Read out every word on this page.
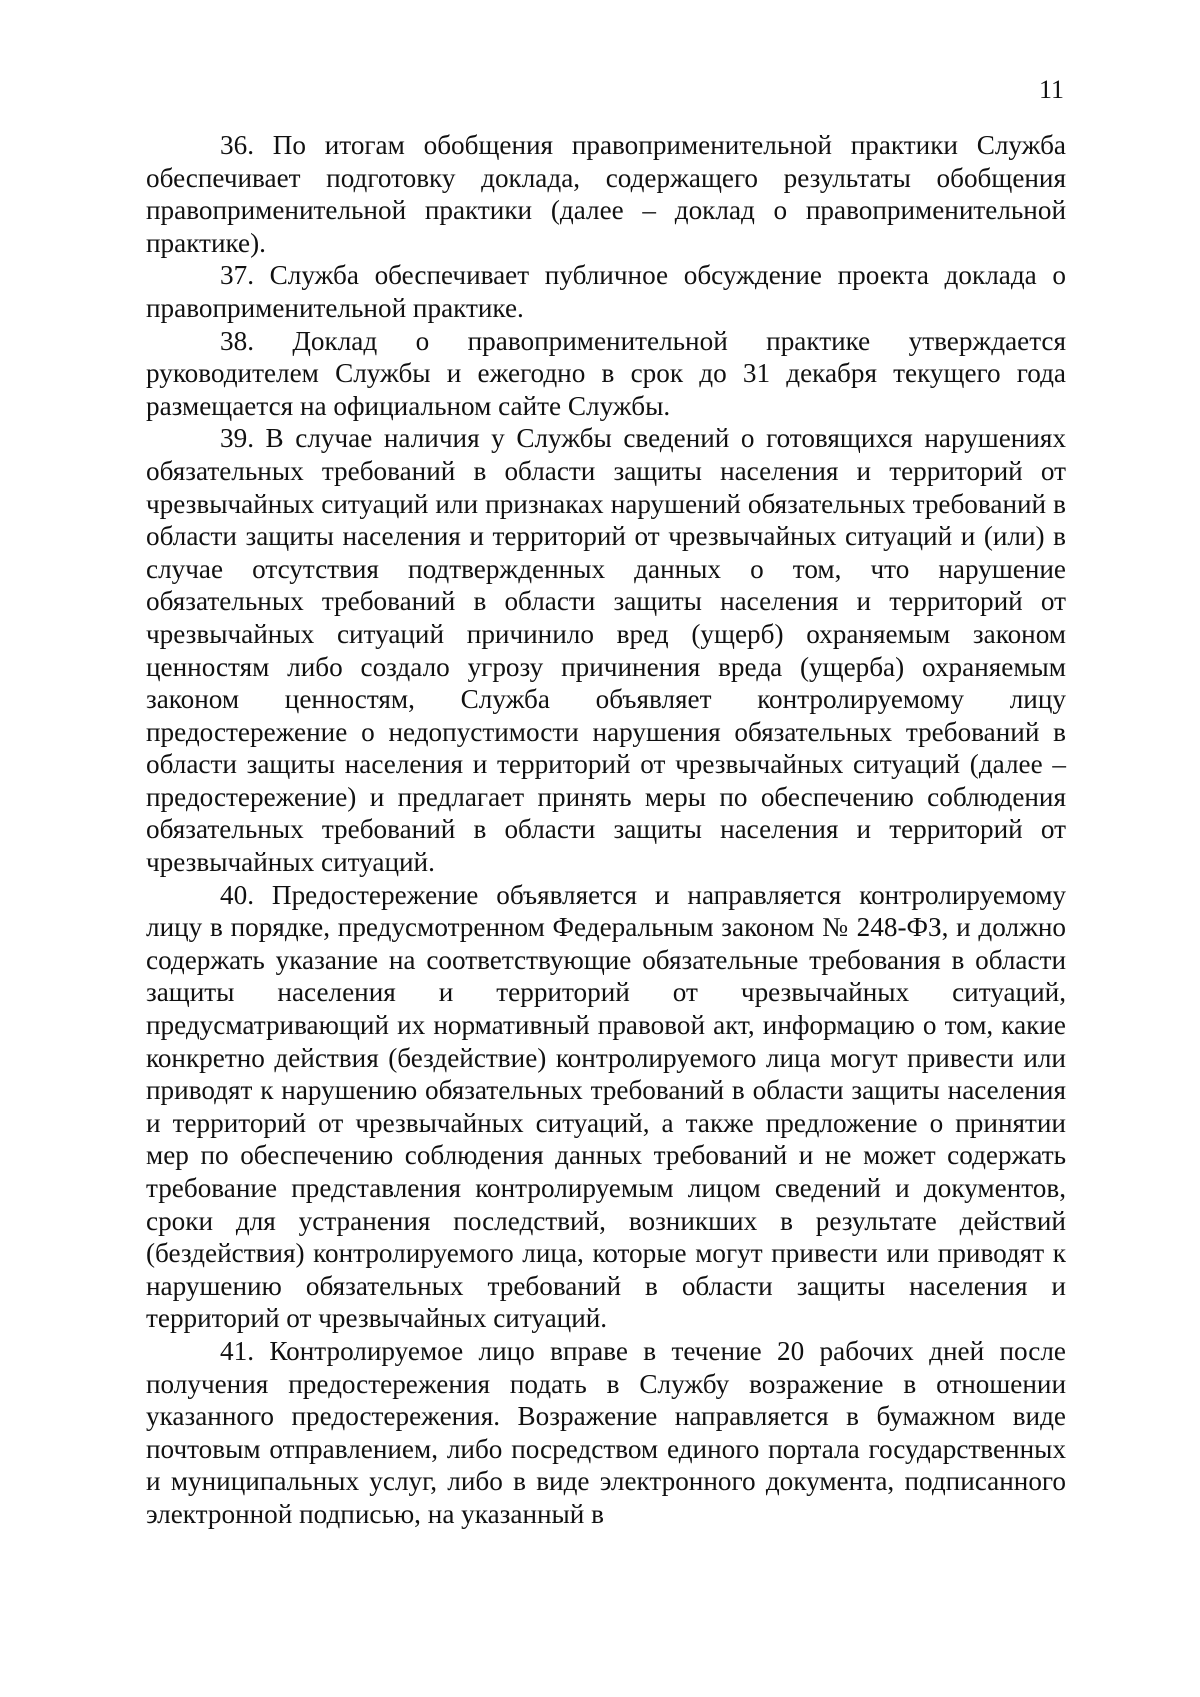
11

36. По итогам обобщения правоприменительной практики Служба обеспечивает подготовку доклада, содержащего результаты обобщения правоприменительной практики (далее – доклад о правоприменительной практике).

37. Служба обеспечивает публичное обсуждение проекта доклада о правоприменительной практике.

38. Доклад о правоприменительной практике утверждается руководителем Службы и ежегодно в срок до 31 декабря текущего года размещается на официальном сайте Службы.

39. В случае наличия у Службы сведений о готовящихся нарушениях обязательных требований в области защиты населения и территорий от чрезвычайных ситуаций или признаках нарушений обязательных требований в области защиты населения и территорий от чрезвычайных ситуаций и (или) в случае отсутствия подтвержденных данных о том, что нарушение обязательных требований в области защиты населения и территорий от чрезвычайных ситуаций причинило вред (ущерб) охраняемым законом ценностям либо создало угрозу причинения вреда (ущерба) охраняемым законом ценностям, Служба объявляет контролируемому лицу предостережение о недопустимости нарушения обязательных требований в области защиты населения и территорий от чрезвычайных ситуаций (далее – предостережение) и предлагает принять меры по обеспечению соблюдения обязательных требований в области защиты населения и территорий от чрезвычайных ситуаций.

40. Предостережение объявляется и направляется контролируемому лицу в порядке, предусмотренном Федеральным законом № 248-ФЗ, и должно содержать указание на соответствующие обязательные требования в области защиты населения и территорий от чрезвычайных ситуаций, предусматривающий их нормативный правовой акт, информацию о том, какие конкретно действия (бездействие) контролируемого лица могут привести или приводят к нарушению обязательных требований в области защиты населения и территорий от чрезвычайных ситуаций, а также предложение о принятии мер по обеспечению соблюдения данных требований и не может содержать требование представления контролируемым лицом сведений и документов, сроки для устранения последствий, возникших в результате действий (бездействия) контролируемого лица, которые могут привести или приводят к нарушению обязательных требований в области защиты населения и территорий от чрезвычайных ситуаций.

41. Контролируемое лицо вправе в течение 20 рабочих дней после получения предостережения подать в Службу возражение в отношении указанного предостережения. Возражение направляется в бумажном виде почтовым отправлением, либо посредством единого портала государственных и муниципальных услуг, либо в виде электронного документа, подписанного электронной подписью, на указанный в
